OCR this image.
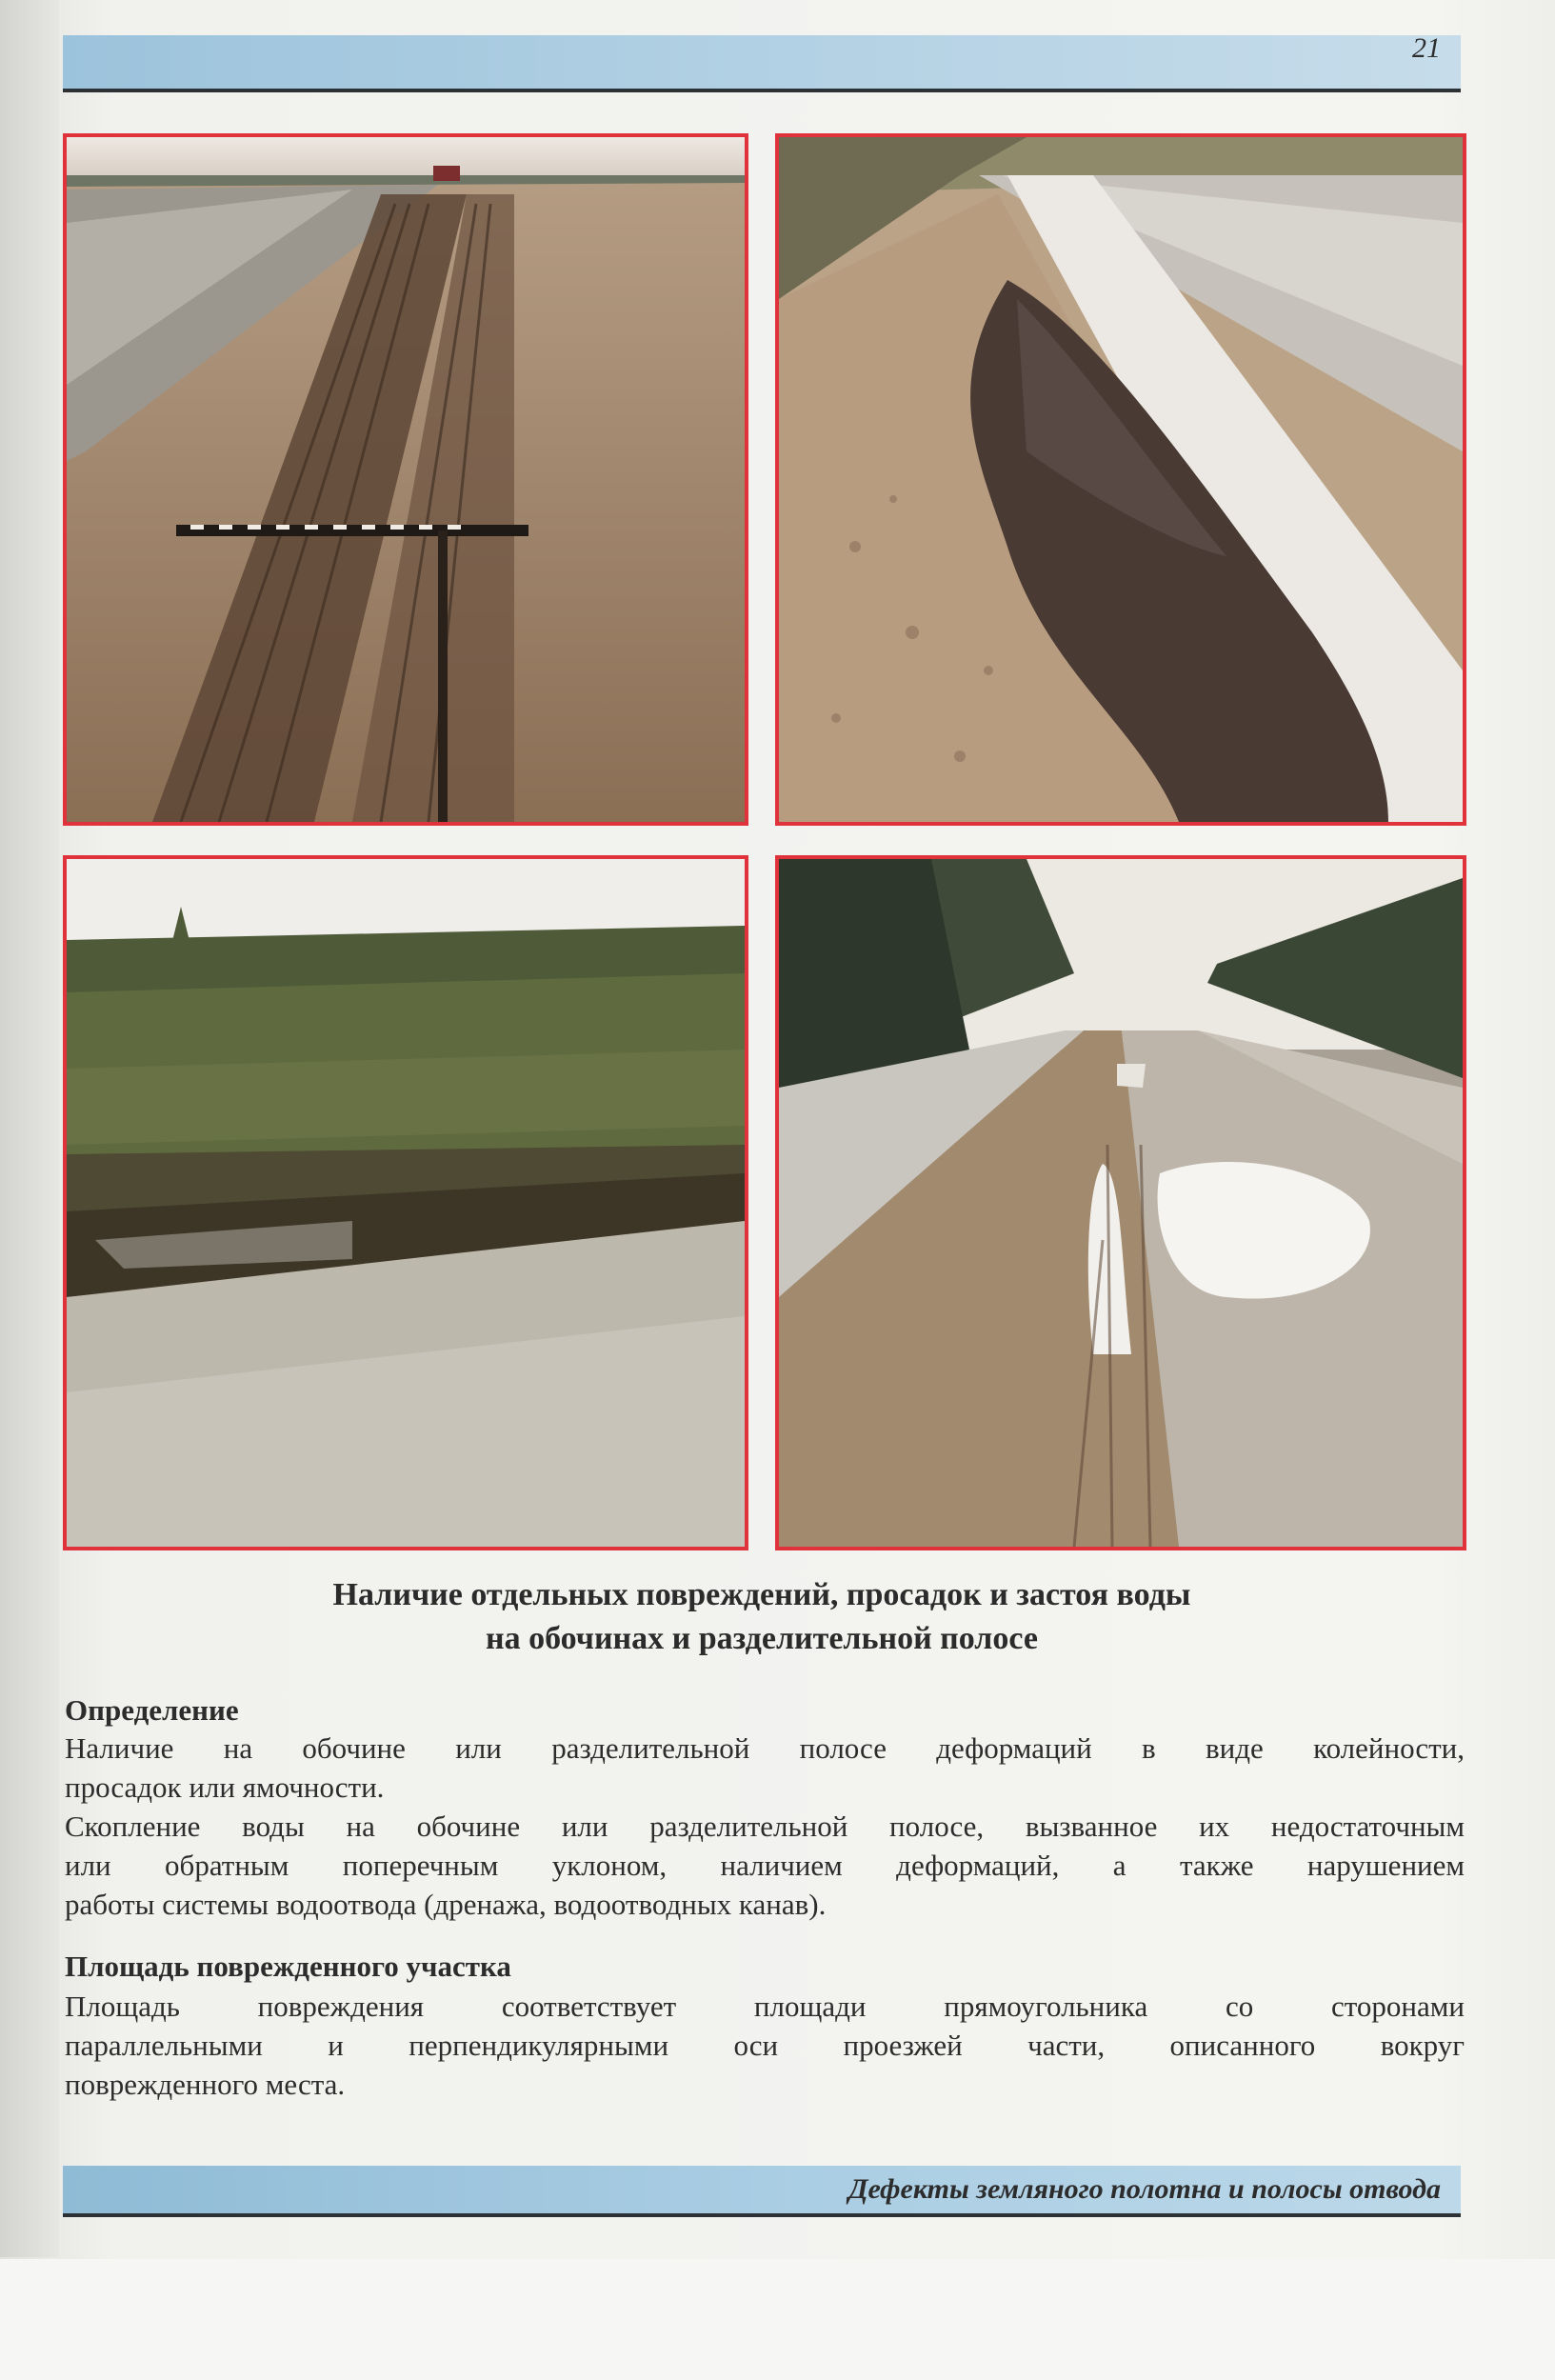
21
Наличие отдельных повреждений, просадок и застоя воды
на обочинах и разделительной полосе
Определение
Наличие на обочине или разделительной полосе деформаций в виде колейности,
просадок или ямочности.
Скопление воды на обочине или разделительной полосе, вызванное их недостаточным
или обратным поперечным уклоном, наличием деформаций, а также нарушением
работы системы водоотвода (дренажа, водоотводных канав).
Площадь поврежденного участка
Площадь повреждения соответствует площади прямоугольника со сторонами
параллельными и перпендикулярными оси проезжей части, описанного вокруг
поврежденного места.
Дефекты земляного полотна и полосы отвода
